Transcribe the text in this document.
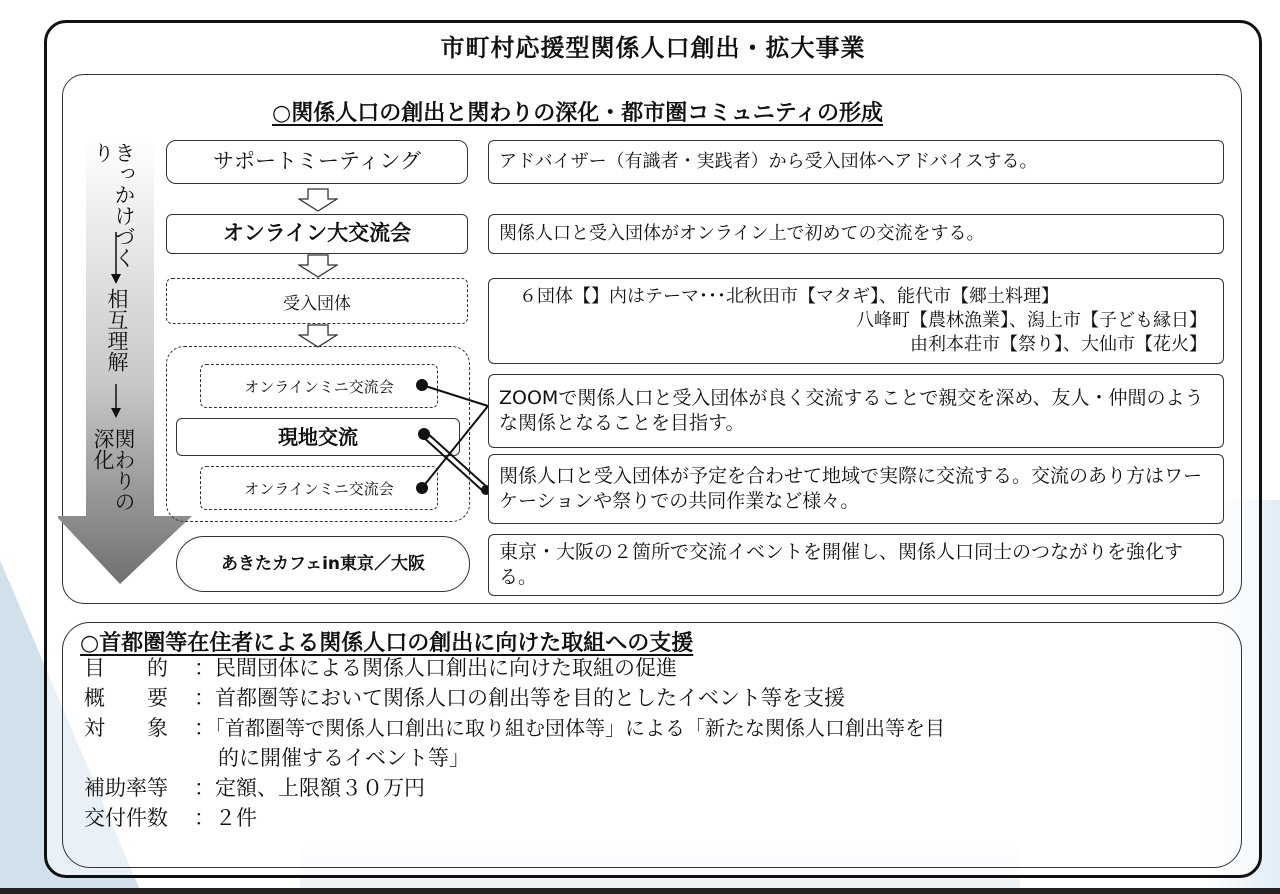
市町村応援型関係人口創出・拡大事業
○関係人口の創出と関わりの深化・都市圏コミュニティの形成
きっかけづくり
相互理解
関わりの深化
サポートミーティング	アドバイザー（有識者・実践者）から受入団体へアドバイスする。
オンライン大交流会	関係人口と受入団体がオンライン上で初めての交流をする。
受入団体	６団体【】内はテーマ･･･北秋田市【マタギ】、能代市【郷土料理】
八峰町【農林漁業】、潟上市【子ども縁日】
由利本荘市【祭り】、大仙市【花火】
オンラインミニ交流会
現地交流
オンラインミニ交流会
ZOOMで関係人口と受入団体が良く交流することで親交を深め、友人・仲間のような関係となることを目指す。
関係人口と受入団体が予定を合わせて地域で実際に交流する。交流のあり方はワーケーションや祭りでの共同作業など様々。
あきたカフェin東京／大阪
東京・大阪の２箇所で交流イベントを開催し、関係人口同士のつながりを強化する。
○首都圏等在住者による関係人口の創出に向けた取組への支援
目　　的 ：民間団体による関係人口創出に向けた取組の促進
概　　要 ：首都圏等において関係人口の創出等を目的としたイベント等を支援
対　　象 ：「首都圏等で関係人口創出に取り組む団体等」による「新たな関係人口創出等を目
的に開催するイベント等」
補助率等 ：定額、上限額３０万円
交付件数 ：２件
